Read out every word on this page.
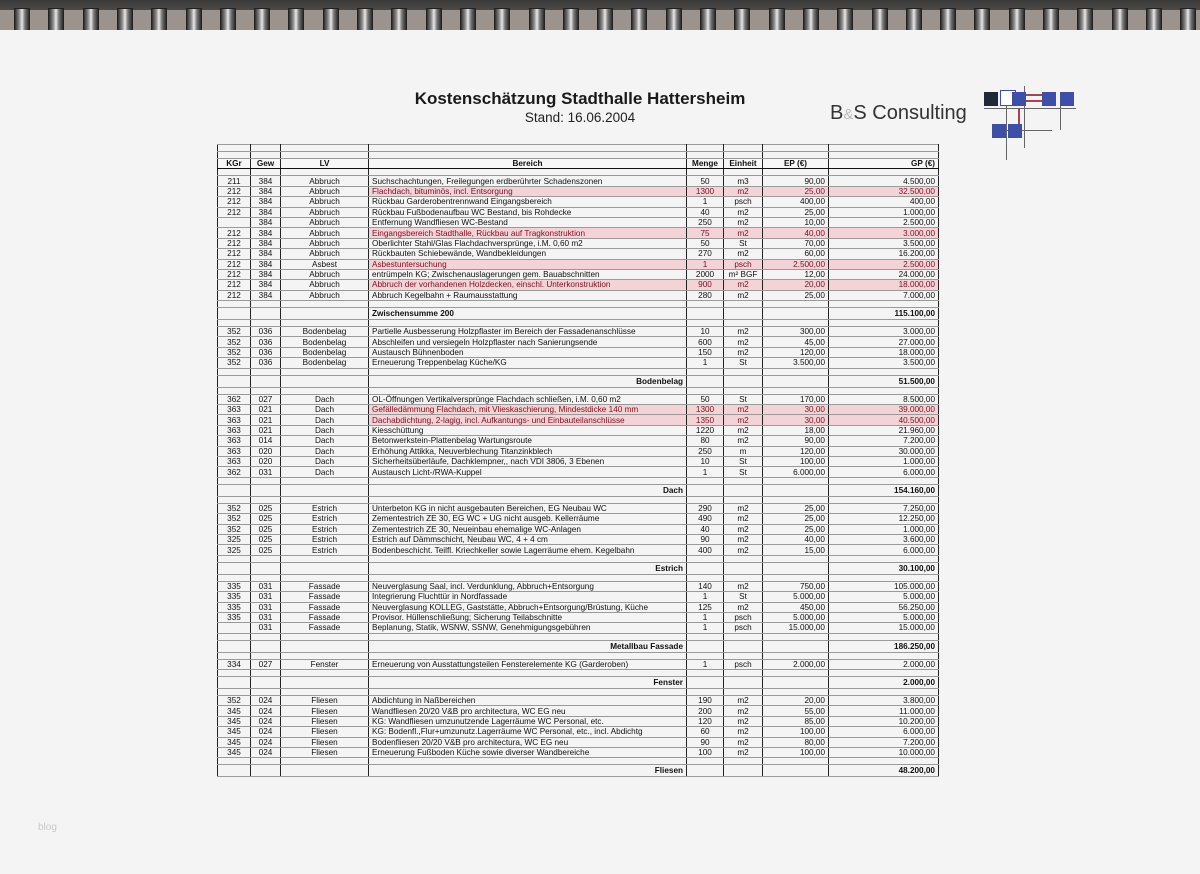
Kostenschätzung Stadthalle Hattersheim
Stand: 16.06.2004	B&S Consulting

KGr	Gew	LV	Bereich	Menge	Einheit	EP (€)	GP (€)

211	384	Abbruch	Suchschachtungen, Freilegungen erdberührter Schadenszonen	50	m3	90,00	4.500,00
212	384	Abbruch	Flachdach, bituminös, incl. Entsorgung	1300	m2	25,00	32.500,00
212	384	Abbruch	Rückbau Garderobentrennwand Eingangsbereich	1	psch	400,00	400,00
212	384	Abbruch	Rückbau Fußbodenaufbau WC Bestand, bis Rohdecke	40	m2	25,00	1.000,00
	384	Abbruch	Entfernung Wandfliesen WC-Bestand	250	m2	10,00	2.500,00
212	384	Abbruch	Eingangsbereich Stadthalle, Rückbau auf Tragkonstruktion	75	m2	40,00	3.000,00
212	384	Abbruch	Oberlichter Stahl/Glas Flachdachversprünge, i.M. 0,60 m2	50	St	70,00	3.500,00
212	384	Abbruch	Rückbauten Schiebewände, Wandbekleidungen	270	m2	60,00	16.200,00
212	384	Asbest	Asbestuntersuchung	1	psch	2.500,00	2.500,00
212	384	Abbruch	entrümpeln KG; Zwischenauslagerungen gem. Bauabschnitten	2000	m² BGF	12,00	24.000,00
212	384	Abbruch	Abbruch der vorhandenen Holzdecken, einschl. Unterkonstruktion	900	m2	20,00	18.000,00
212	384	Abbruch	Abbruch Kegelbahn + Raumausstattung	280	m2	25,00	7.000,00

			Zwischensumme 200				115.100,00

352	036	Bodenbelag	Partielle Ausbesserung Holzpflaster im Bereich der Fassadenanschlüsse	10	m2	300,00	3.000,00
352	036	Bodenbelag	Abschleifen und versiegeln Holzpflaster nach Sanierungsende	600	m2	45,00	27.000,00
352	036	Bodenbelag	Austausch Bühnenboden	150	m2	120,00	18.000,00
352	036	Bodenbelag	Erneuerung Treppenbelag Küche/KG	1	St	3.500,00	3.500,00

			Bodenbelag				51.500,00

362	027	Dach	OL-Öffnungen Vertikalversprünge Flachdach schließen, i.M. 0,60 m2	50	St	170,00	8.500,00
363	021	Dach	Gefälledämmung Flachdach, mit Vlieskaschierung, Mindestdicke 140 mm	1300	m2	30,00	39.000,00
363	021	Dach	Dachabdichtung, 2-lagig, incl. Aufkantungs- und Einbauteilanschlüsse	1350	m2	30,00	40.500,00
363	021	Dach	Kiesschüttung	1220	m2	18,00	21.960,00
363	014	Dach	Betonwerkstein-Plattenbelag Wartungsroute	80	m2	90,00	7.200,00
363	020	Dach	Erhöhung Attikka, Neuverblechung Titanzinkblech	250	m	120,00	30.000,00
363	020	Dach	Sicherheitsüberläufe, Dachklempner,, nach VDI 3806, 3 Ebenen	10	St	100,00	1.000,00
362	031	Dach	Austausch Licht-/RWA-Kuppel	1	St	6.000,00	6.000,00

			Dach				154.160,00

352	025	Estrich	Unterbeton KG in nicht ausgebauten Bereichen, EG Neubau WC	290	m2	25,00	7.250,00
352	025	Estrich	Zementestrich ZE 30, EG WC + UG nicht ausgeb. Kellerräume	490	m2	25,00	12.250,00
352	025	Estrich	Zementestrich ZE 30, Neueinbau ehemalige WC-Anlagen	40	m2	25,00	1.000,00
325	025	Estrich	Estrich auf Dämmschicht, Neubau WC, 4 + 4 cm	90	m2	40,00	3.600,00
325	025	Estrich	Bodenbeschicht. Teilfl. Kriechkeller sowie Lagerräume ehem. Kegelbahn	400	m2	15,00	6.000,00

			Estrich				30.100,00

335	031	Fassade	Neuverglasung Saal, incl. Verdunklung, Abbruch+Entsorgung	140	m2	750,00	105.000,00
335	031	Fassade	Integrierung Fluchttür in Nordfassade	1	St	5.000,00	5.000,00
335	031	Fassade	Neuverglasung KOLLEG, Gaststätte, Abbruch+Entsorgung/Brüstung, Küche	125	m2	450,00	56.250,00
335	031	Fassade	Provisor. Hüllenschließung; Sicherung Teilabschnitte	1	psch	5.000,00	5.000,00
	031	Fassade	Beplanung, Statik, WSNW, SSNW, Genehmigungsgebühren	1	psch	15.000,00	15.000,00

			Metallbau Fassade				186.250,00

334	027	Fenster	Erneuerung von Ausstattungsteilen Fensterelemente KG (Garderoben)	1	psch	2.000,00	2.000,00

			Fenster				2.000,00

352	024	Fliesen	Abdichtung in Naßbereichen	190	m2	20,00	3.800,00
345	024	Fliesen	Wandfliesen 20/20 V&B pro architectura, WC EG neu	200	m2	55,00	11.000,00
345	024	Fliesen	KG: Wandfliesen umzunutzende Lagerräume WC Personal, etc.	120	m2	85,00	10.200,00
345	024	Fliesen	KG: Bodenfl.,Flur+umzunutz.Lagerräume WC Personal, etc., incl. Abdichtg	60	m2	100,00	6.000,00
345	024	Fliesen	Bodenfliesen 20/20 V&B pro architectura, WC EG neu	90	m2	80,00	7.200,00
345	024	Fliesen	Erneuerung Fußboden Küche sowie diverser Wandbereiche	100	m2	100,00	10.000,00

			Fliesen				48.200,00
blog
